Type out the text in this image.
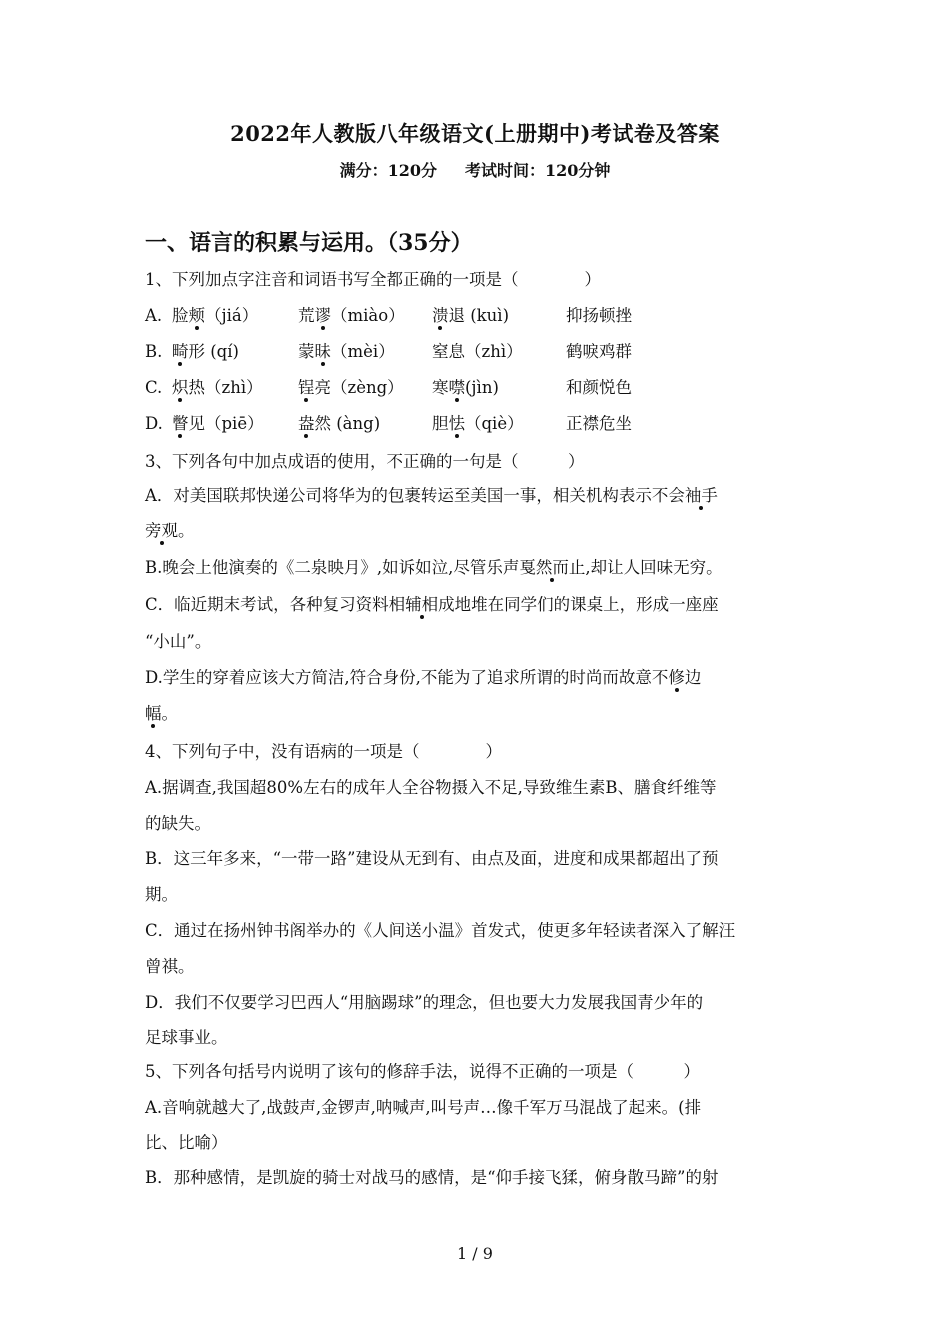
2022年人教版八年级语文(上册期中)考试卷及答案
满分：120分 考试时间：120分钟
一、语言的积累与运用。（35分）
1、下列加点字注音和词语书写全都正确的一项是（　　　　）
A. 脸颊（jiá） 荒谬（miào） 溃退 (kuì)	抑扬顿挫
B. 畸形 (qí)	蒙昧（mèi） 窒息（zhì）	鹤唳鸡群
C. 炽热（zhì） 锃亮（zèng） 寒噤(jìn)	和颜悦色
D. 瞥见（piē） 盎然 (àng)	胆怯（qiè）	正襟危坐
3、下列各句中加点成语的使用，不正确的一句是（　　　）
A．对美国联邦快递公司将华为的包裹转运至美国一事，相关机构表示不会袖手
旁观。
B.晚会上他演奏的《二泉映月》,如诉如泣,尽管乐声戛然而止,却让人回味无穷。
C．临近期末考试，各种复习资料相辅相成地堆在同学们的课桌上，形成一座座
“小山”。
D.学生的穿着应该大方简洁,符合身份,不能为了追求所谓的时尚而故意不修边
幅。
4、下列句子中，没有语病的一项是（　　　　）
A.据调查,我国超80%左右的成年人全谷物摄入不足,导致维生素B、膳食纤维等
的缺失。
B．这三年多来，“一带一路”建设从无到有、由点及面，进度和成果都超出了预
期。
C．通过在扬州钟书阁举办的《人间送小温》首发式，使更多年轻读者深入了解汪
曾祺。
D．我们不仅要学习巴西人“用脑踢球”的理念，但也要大力发展我国青少年的
足球事业。
5、下列各句括号内说明了该句的修辞手法，说得不正确的一项是（　　　）
A.音响就越大了,战鼓声,金锣声,呐喊声,叫号声…像千军万马混战了起来。(排
比、比喻）
B．那种感情，是凯旋的骑士对战马的感情，是“仰手接飞猱，俯身散马蹄”的射
1 / 9
